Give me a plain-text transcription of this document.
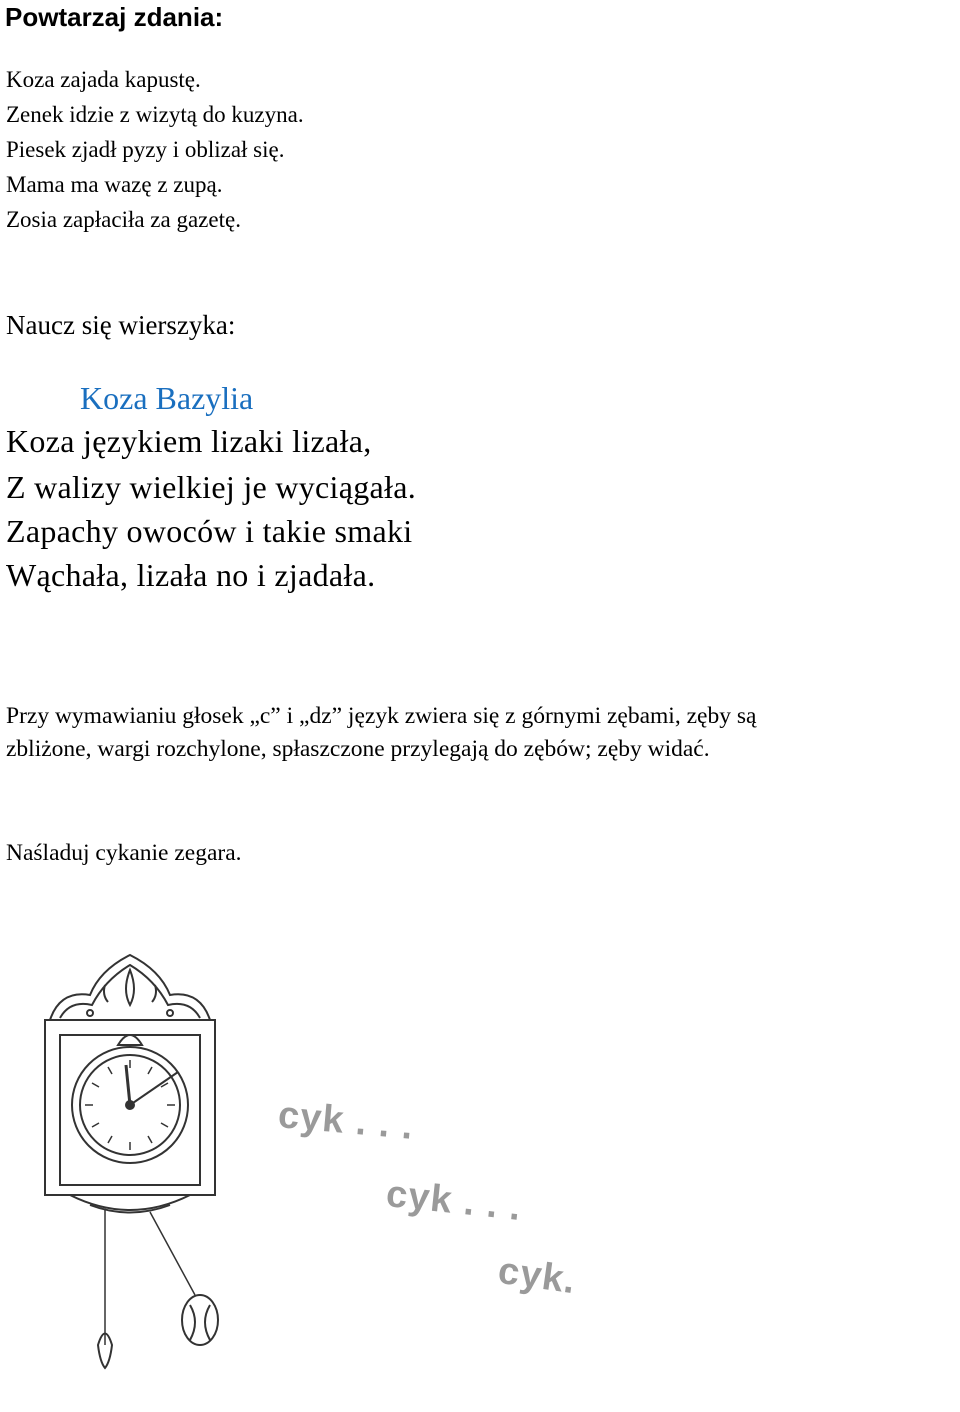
Powtarzaj zdania:
Koza zajada kapustę.
Zenek idzie z wizytą do kuzyna.
Piesek zjadł pyzy i oblizał się.
Mama ma wazę z zupą.
Zosia zapłaciła za gazetę.
Naucz się wierszyka:
Koza Bazylia
Koza językiem lizaki lizała,
Z walizy wielkiej je wyciągała.
Zapachy owoców i takie smaki
Wąchała, lizała no i zjadała.
Przy wymawianiu głosek „c” i „dz” język zwiera się z górnymi zębami, zęby są
zbliżone, wargi rozchylone, spłaszczone przylegają do zębów; zęby widać.
Naśladuj cykanie zegara.
cyk . . .
cyk . . .
cyk.
